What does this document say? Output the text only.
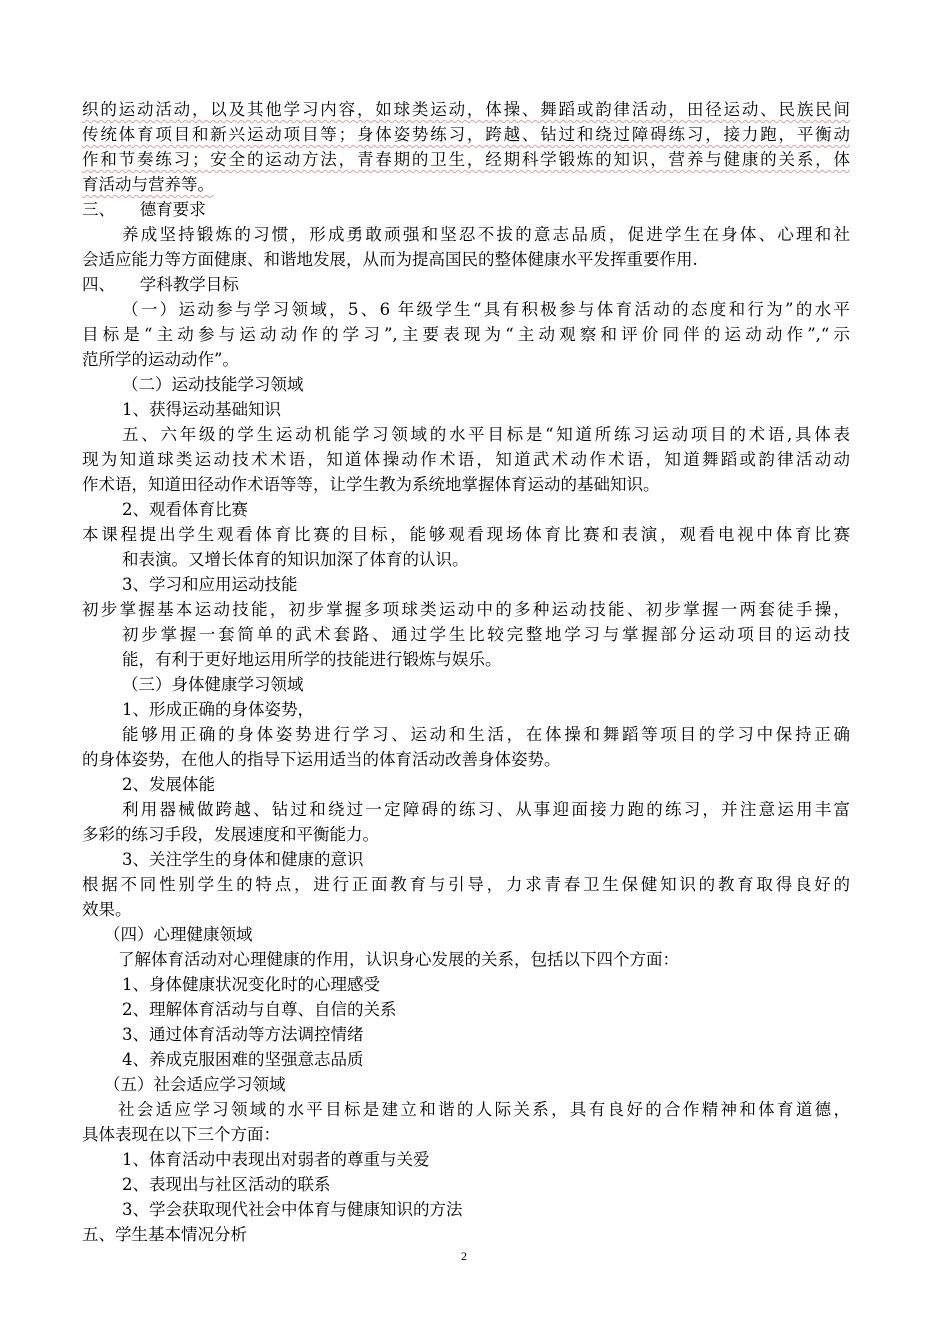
织的运动活动，以及其他学习内容，如球类运动，体操、舞蹈或韵律活动，田径运动、民族民间
传统体育项目和新兴运动项目等；身体姿势练习，跨越、钻过和绕过障碍练习，接力跑，平衡动
作和节奏练习；安全的运动方法，青春期的卫生，经期科学锻炼的知识，营养与健康的关系，体
育活动与营养等。
三、　　德育要求
养成坚持锻炼的习惯，形成勇敢顽强和坚忍不拔的意志品质，促进学生在身体、心理和社
会适应能力等方面健康、和谐地发展，从而为提高国民的整体健康水平发挥重要作用.
四、　　学科教学目标
（一）运动参与学习领域，5、6 年级学生“具有积极参与体育活动的态度和行为”的水平
目标是“主动参与运动动作的学习”,主要表现为“主动观察和评价同伴的运动动作”,“示
范所学的运动动作”。
（二）运动技能学习领域
1、获得运动基础知识
五、六年级的学生运动机能学习领域的水平目标是“知道所练习运动项目的术语,具体表
现为知道球类运动技术术语，知道体操动作术语，知道武术动作术语，知道舞蹈或韵律活动动
作术语，知道田径动作术语等等，让学生教为系统地掌握体育运动的基础知识。
2、观看体育比赛
本课程提出学生观看体育比赛的目标，能够观看现场体育比赛和表演，观看电视中体育比赛
和表演。又增长体育的知识加深了体育的认识。
3、学习和应用运动技能
初步掌握基本运动技能，初步掌握多项球类运动中的多种运动技能、初步掌握一两套徒手操，
初步掌握一套简单的武术套路、通过学生比较完整地学习与掌握部分运动项目的运动技
能，有利于更好地运用所学的技能进行锻炼与娱乐。
（三）身体健康学习领域
1、形成正确的身体姿势，
能够用正确的身体姿势进行学习、运动和生活，在体操和舞蹈等项目的学习中保持正确
的身体姿势，在他人的指导下运用适当的体育活动改善身体姿势。
2、发展体能
利用器械做跨越、钻过和绕过一定障碍的练习、从事迎面接力跑的练习，并注意运用丰富
多彩的练习手段，发展速度和平衡能力。
3、关注学生的身体和健康的意识
根据不同性别学生的特点，进行正面教育与引导，力求青春卫生保健知识的教育取得良好的
效果。
（四）心理健康领域
了解体育活动对心理健康的作用，认识身心发展的关系，包括以下四个方面：
1、身体健康状况变化时的心理感受
2、理解体育活动与自尊、自信的关系
3、通过体育活动等方法调控情绪
4、养成克服困难的坚强意志品质
（五）社会适应学习领域
社会适应学习领域的水平目标是建立和谐的人际关系，具有良好的合作精神和体育道德，
具体表现在以下三个方面：
1、体育活动中表现出对弱者的尊重与关爱
2、表现出与社区活动的联系
3、学会获取现代社会中体育与健康知识的方法
五、学生基本情况分析
2
